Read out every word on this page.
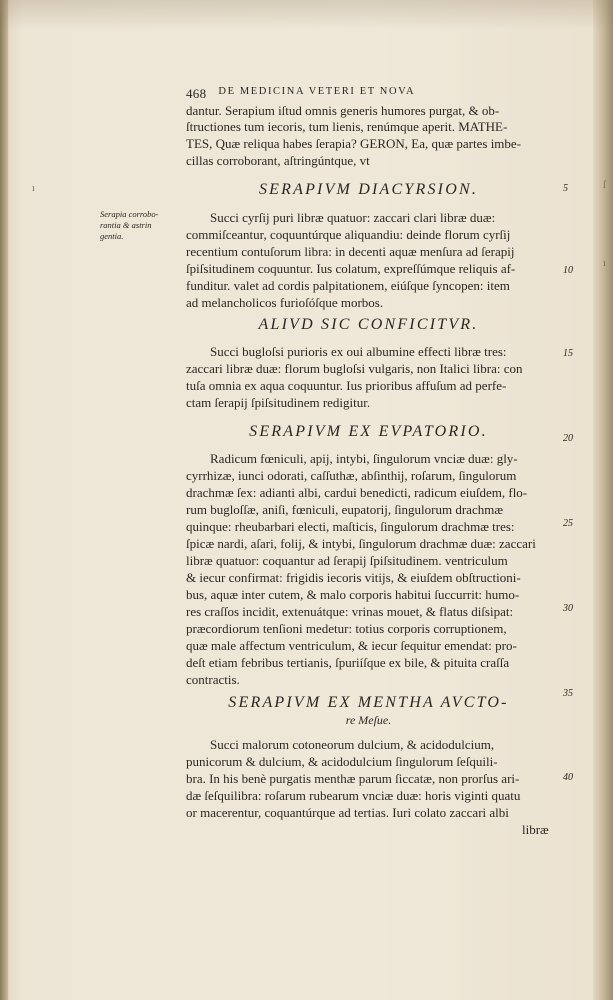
ı	ſ
ı
468 DE MEDICINA VETERI ET NOVA
dantur. Serapium iſtud omnis generis humores purgat, & ob-
ſtructiones tum iecoris, tum lienis, renúmque aperit. MATHE-
TES, Quæ reliqua habes ſerapia? GERON, Ea, quæ partes imbe-
cillas corroborant, aſtringúntque, vt
SERAPIVM DIACYRSION.
Serapia corrobo-
rantia & astrin
gentia.
Succi cyrſij puri libræ quatuor: zaccari clari libræ duæ:
commiſceantur, coquuntúrque aliquandiu: deinde florum cyrſij
recentium contuſorum libra: in decenti aquæ menſura ad ſerapij
ſpiſsitudinem coquuntur. Ius colatum, expreſſúmque reliquis af-
funditur. valet ad cordis palpitationem, eiúſque ſyncopen: item
ad melancholicos furioſóſque morbos.
ALIVD SIC CONFICITVR.
Succi bugloſsi purioris ex oui albumine effecti libræ tres:
zaccari libræ duæ: florum bugloſsi vulgaris, non Italici libra: con
tuſa omnia ex aqua coquuntur. Ius prioribus affuſum ad perfe-
ctam ſerapij ſpiſsitudinem redigitur.
SERAPIVM EX EVPATORIO.
Radicum fœniculi, apij, intybi, ſingulorum vnciæ duæ: gly-
cyrrhizæ, iunci odorati, caſſuthæ, abſinthij, roſarum, ſingulorum
drachmæ ſex: adianti albi, cardui benedicti, radicum eiuſdem, flo-
rum bugloſſæ, aniſi, fœniculi, eupatorij, ſingulorum drachmæ
quinque: rheubarbari electi, maſticis, ſingulorum drachmæ tres:
ſpicæ nardi, aſari, folij, & intybi, ſingulorum drachmæ duæ: zaccari
libræ quatuor: coquantur ad ſerapij ſpiſsitudinem. ventriculum
& iecur confirmat: frigidis iecoris vitijs, & eiuſdem obſtructioni-
bus, aquæ inter cutem, & malo corporis habitui ſuccurrit: humo-
res craſſos incidit, extenuátque: vrinas mouet, & flatus diſsipat:
præcordiorum tenſioni medetur: totius corporis corruptionem,
quæ male affectum ventriculum, & iecur ſequitur emendat: pro-
deſt etiam febribus tertianis, ſpuriíſque ex bile, & pituita craſſa
contractis.
SERAPIVM EX MENTHA AVCTO-
re Meſue.
Succi malorum cotoneorum dulcium, & acidodulcium,
punicorum & dulcium, & acidodulcium ſingulorum ſeſquili-
bra. In his benè purgatis menthæ parum ſiccatæ, non prorſus ari-
dæ ſeſquilibra: roſarum rubearum vnciæ duæ: horis viginti quatu
or macerentur, coquantúrque ad tertias. Iuri colato zaccari albi
libræ
5
10
15
20
25
30
35
40
